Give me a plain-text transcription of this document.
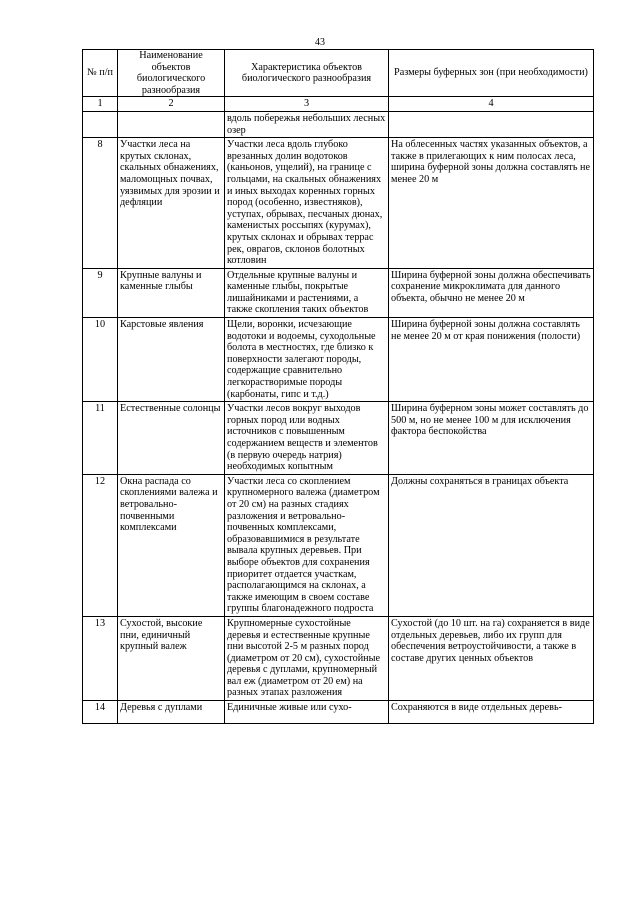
43
№ п/п	Наименование объектов биологического разнообразия	Характеристика объектов биологического разнообразия	Размеры буферных зон (при необходимости)
1	2	3	4
		вдоль побережья небольших лесных озер	
8	Участки леса на крутых склонах, скальных обнажениях, маломощных почвах, уязвимых для эрозии и дефляции	Участки леса вдоль глубоко врезанных долин водотоков (каньонов, ущелий), на границе с гольцами, на скальных обнажениях и иных выходах коренных горных пород (особенно, известняков), уступах, обрывах, песчаных дюнах, каменистых россыпях (курумах), крутых склонах и обрывах террас рек, оврагов, склонов болотных котловин	На облесенных частях указанных объектов, а также в прилегающих к ним полосах леса, ширина буферной зоны должна составлять не менее 20 м
9	Крупные валуны и каменные глыбы	Отдельные крупные валуны и каменные глыбы, покрытые лишайниками и растениями, а также скопления таких объектов	Ширина буферной зоны должна обеспечивать сохранение микроклимата для данного объекта, обычно не менее 20 м
10	Карстовые явления	Щели, воронки, исчезающие водотоки и водоемы, суходольные болота в местностях, где близко к поверхности залегают породы, содержащие сравнительно легкорастворимые породы (карбонаты, гипс и т.д.)	Ширина буферной зоны должна составлять не менее 20 м от края понижения (полости)
11	Естественные солонцы	Участки лесов вокруг выходов горных пород или водных источников с повышенным содержанием веществ и элементов (в первую очередь натрия) необходимых копытным	Ширина буферном зоны может составлять до 500 м, но не менее 100 м для исключения фактора беспокойства
12	Окна распада со скоплениями валежа и ветровально-почвенными комплексами	Участки леса со скоплением крупномерного валежа (диаметром от 20 см) на разных стадиях разложения и ветровально-почвенных комплексами, образовавшимися в результате вывала крупных деревьев. При выборе объектов для сохранения приоритет отдается участкам, располагающимся на склонах, а также имеющим в своем составе группы благонадежного подроста	Должны сохраняться в границах объекта
13	Сухостой, высокие пни, единичный крупный валеж	Крупномерные сухостойные деревья и естественные крупные пни высотой 2-5 м разных пород (диаметром от 20 см), сухостойные деревья с дуплами, крупномерный вал еж (диаметром от 20 ем) на разных этапах разложения	Сухостой (до 10 шт. на га) сохраняется в виде отдельных деревьев, либо их групп для обеспечения ветроустойчивости, а также в составе других ценных объектов
14	Деревья с дуплами	Единичные живые или сухо-	Сохраняются в виде отдельных деревь-
